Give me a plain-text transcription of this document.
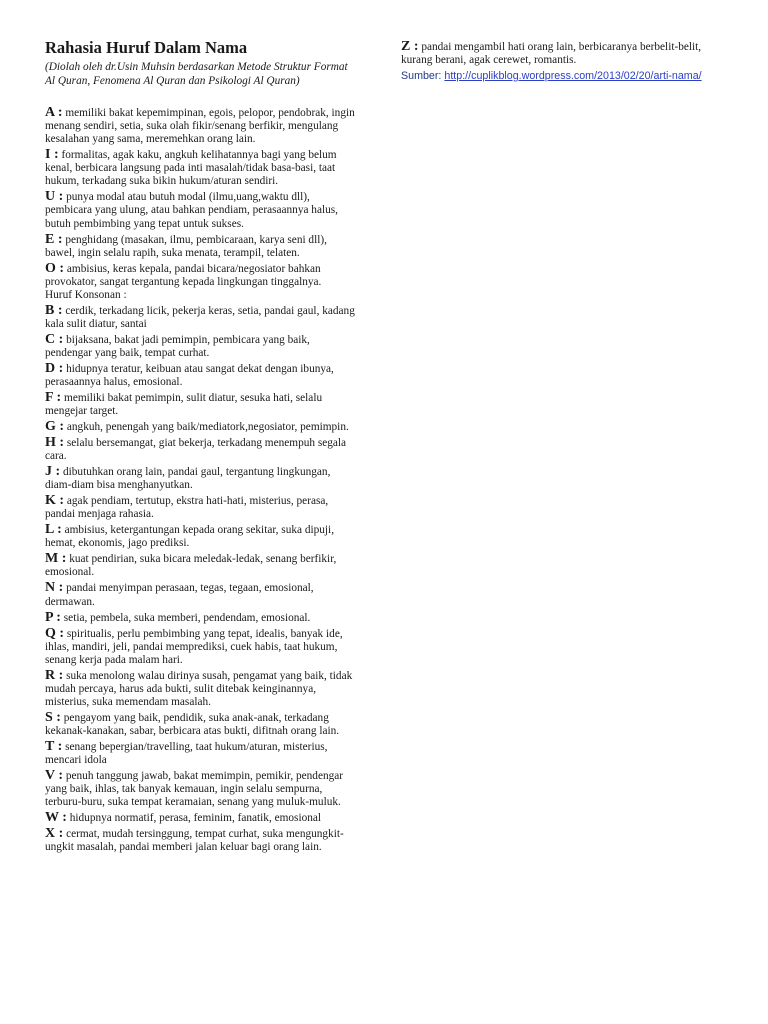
Rahasia Huruf Dalam Nama
(Diolah oleh dr.Usin Muhsin berdasarkan Metode Struktur Format Al Quran, Fenomena Al Quran dan Psikologi Al Quran)
A : memiliki bakat kepemimpinan, egois, pelopor, pendobrak, ingin menang sendiri, setia, suka olah fikir/senang berfikir, mengulang kesalahan yang sama, meremehkan orang lain.
I : formalitas, agak kaku, angkuh kelihatannya bagi yang belum kenal, berbicara langsung pada inti masalah/tidak basa-basi, taat hukum, terkadang suka bikin hukum/aturan sendiri.
U : punya modal atau butuh modal (ilmu,uang,waktu dll), pembicara yang ulung, atau bahkan pendiam, perasaannya halus, butuh pembimbing yang tepat untuk sukses.
E : penghidang (masakan, ilmu, pembicaraan, karya seni dll), bawel, ingin selalu rapih, suka menata, terampil, telaten.
O : ambisius, keras kepala, pandai bicara/negosiator bahkan provokator, sangat tergantung kepada lingkungan tinggalnya.
Huruf Konsonan :
B : cerdik, terkadang licik, pekerja keras, setia, pandai gaul, kadang kala sulit diatur, santai
C : bijaksana, bakat jadi pemimpin, pembicara yang baik, pendengar yang baik, tempat curhat.
D : hidupnya teratur, keibuan atau sangat dekat dengan ibunya, perasaannya halus, emosional.
F : memiliki bakat pemimpin, sulit diatur, sesuka hati, selalu mengejar target.
G : angkuh, penengah yang baik/mediatork,negosiator, pemimpin.
H : selalu bersemangat, giat bekerja, terkadang menempuh segala cara.
J : dibutuhkan orang lain, pandai gaul, tergantung lingkungan, diam-diam bisa menghanyutkan.
K : agak pendiam, tertutup, ekstra hati-hati, misterius, perasa, pandai menjaga rahasia.
L : ambisius, ketergantungan kepada orang sekitar, suka dipuji, hemat, ekonomis, jago prediksi.
M : kuat pendirian, suka bicara meledak-ledak, senang berfikir, emosional.
N : pandai menyimpan perasaan, tegas, tegaan, emosional, dermawan.
P : setia, pembela, suka memberi, pendendam, emosional.
Q : spiritualis, perlu pembimbing yang tepat, idealis, banyak ide, ihlas, mandiri, jeli, pandai memprediksi, cuek habis, taat hukum, senang kerja pada malam hari.
R : suka menolong walau dirinya susah, pengamat yang baik, tidak mudah percaya, harus ada bukti, sulit ditebak keinginannya, misterius, suka memendam masalah.
S : pengayom yang baik, pendidik, suka anak-anak, terkadang kekanak-kanakan, sabar, berbicara atas bukti, difitnah orang lain.
T : senang bepergian/travelling, taat hukum/aturan, misterius, mencari idola
V : penuh tanggung jawab, bakat memimpin, pemikir, pendengar yang baik, ihlas, tak banyak kemauan, ingin selalu sempurna, terburu-buru, suka tempat keramaian, senang yang muluk-muluk.
W : hidupnya normatif, perasa, feminim, fanatik, emosional
X : cermat, mudah tersinggung, tempat curhat, suka mengungkit-ungkit masalah, pandai memberi jalan keluar bagi orang lain.
Z : pandai mengambil hati orang lain, berbicaranya berbelit-belit, kurang berani, agak cerewet, romantis.
Sumber: http://cuplikblog.wordpress.com/2013/02/20/arti-nama/
